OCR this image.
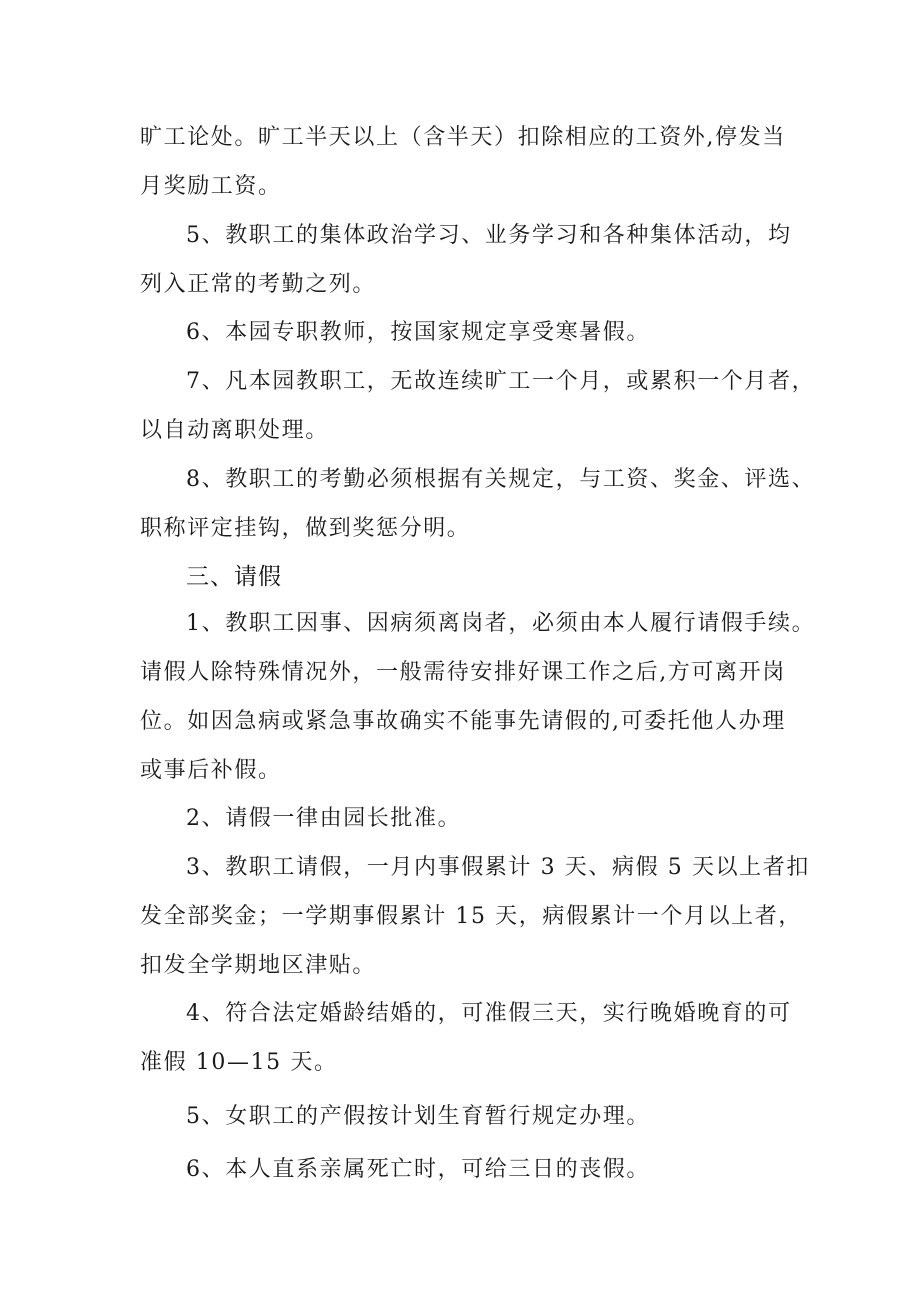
旷工论处。旷工半天以上（含半天）扣除相应的工资外,停发当
月奖励工资。
5、教职工的集体政治学习、业务学习和各种集体活动，均
列入正常的考勤之列。
6、本园专职教师，按国家规定享受寒暑假。
7、凡本园教职工，无故连续旷工一个月，或累积一个月者，
以自动离职处理。
8、教职工的考勤必须根据有关规定，与工资、奖金、评选、
职称评定挂钩，做到奖惩分明。
三、请假
1、教职工因事、因病须离岗者，必须由本人履行请假手续。
请假人除特殊情况外，一般需待安排好课工作之后,方可离开岗
位。如因急病或紧急事故确实不能事先请假的,可委托他人办理
或事后补假。
2、请假一律由园长批准。
3、教职工请假，一月内事假累计 3 天、病假 5 天以上者扣
发全部奖金；一学期事假累计 15 天，病假累计一个月以上者，
扣发全学期地区津贴。
4、符合法定婚龄结婚的，可准假三天，实行晚婚晚育的可
准假 10—15 天。
5、女职工的产假按计划生育暂行规定办理。
6、本人直系亲属死亡时，可给三日的丧假。
